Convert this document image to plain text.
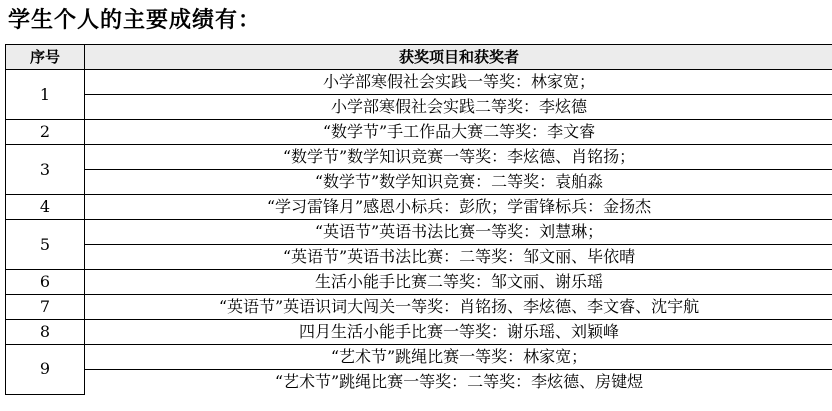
学生个人的主要成绩有：
序号	获奖项目和获奖者
1	小学部寒假社会实践一等奖：林家宽；
	小学部寒假社会实践二等奖：李炫德
2	“数学节”手工作品大赛二等奖：李文睿
3	“数学节”数学知识竞赛一等奖：李炫德、肖铭扬；
	“数学节”数学知识竞赛：二等奖：袁舶淼
4	“学习雷锋月”感恩小标兵：彭欣；学雷锋标兵：金扬杰
5	“英语节”英语书法比赛一等奖：刘慧琳；
	“英语节”英语书法比赛：二等奖：邹文丽、毕依晴
6	生活小能手比赛二等奖：邹文丽、谢乐瑶
7	“英语节”英语识词大闯关一等奖：肖铭扬、李炫德、李文睿、沈宇航
8	四月生活小能手比赛一等奖：谢乐瑶、刘颖峰
9	“艺术节”跳绳比赛一等奖：林家宽；
	“艺术节”跳绳比赛一等奖：二等奖：李炫德、房键煜
